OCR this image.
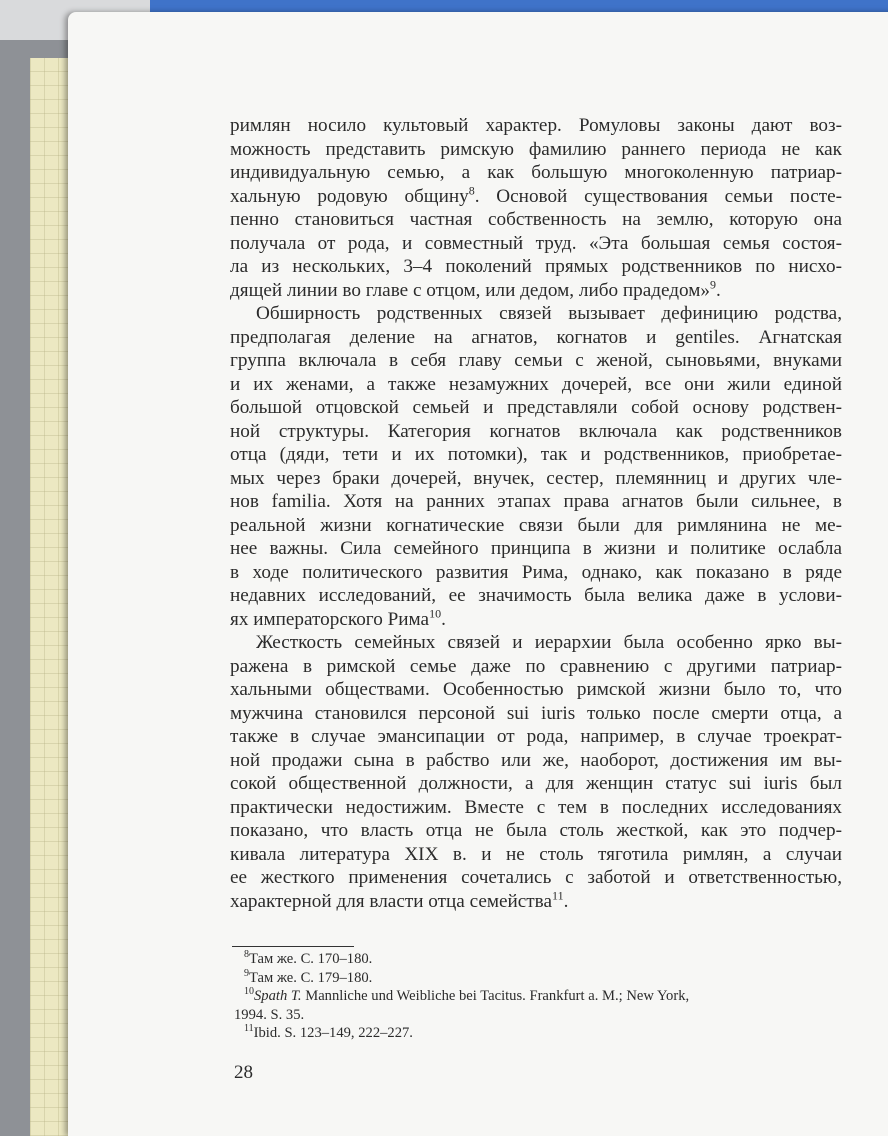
римлян носило культовый характер. Ромуловы законы дают воз-
можность представить римскую фамилию раннего периода не как
индивидуальную семью, а как большую многоколенную патриар-
хальную родовую общину$^8$. Основой существования семьи посте-
пенно становиться частная собственность на землю, которую она
получала от рода, и совместный труд. «Эта большая семья состоя-
ла из нескольких, 3–4 поколений прямых родственников по нисхо-
дящей линии во главе с отцом, или дедом, либо прадедом»$^9$.

Обширность родственных связей вызывает дефиницию родства,
предполагая деление на агнатов, когнатов и gentiles. Агнатская
группа включала в себя главу семьи с женой, сыновьями, внуками
и их женами, а также незамужних дочерей, все они жили единой
большой отцовской семьей и представляли собой основу родствен-
ной структуры. Категория когнатов включала как родственников
отца (дяди, тети и их потомки), так и родственников, приобретае-
мых через браки дочерей, внучек, сестер, племянниц и других чле-
нов familia. Хотя на ранних этапах права агнатов были сильнее, в
реальной жизни когнатические связи были для римлянина не ме-
нее важны. Сила семейного принципа в жизни и политике ослабла
в ходе политического развития Рима, однако, как показано в ряде
недавних исследований, ее значимость была велика даже в услови-
ях императорского Рима$^{10}$.

Жесткость семейных связей и иерархии была особенно ярко вы-
ражена в римской семье даже по сравнению с другими патриар-
хальными обществами. Особенностью римской жизни было то, что
мужчина становился персоной sui iuris только после смерти отца, а
также в случае эмансипации от рода, например, в случае троекрат-
ной продажи сына в рабство или же, наоборот, достижения им вы-
сокой общественной должности, а для женщин статус sui iuris был
практически недостижим. Вместе с тем в последних исследованиях
показано, что власть отца не была столь жесткой, как это подчер-
кивала литература XIX в. и не столь тяготила римлян, а случаи
ее жесткого применения сочетались с заботой и ответственностью,
характерной для власти отца семейства$^{11}$.

$^8$Там же. С. 170–180.
$^9$Там же. С. 179–180.
$^{10}$Spath T. Mannliche und Weibliche bei Tacitus. Frankfurt a. M.; New York,
1994. S. 35.
$^{11}$Ibid. S. 123–149, 222–227.
28
